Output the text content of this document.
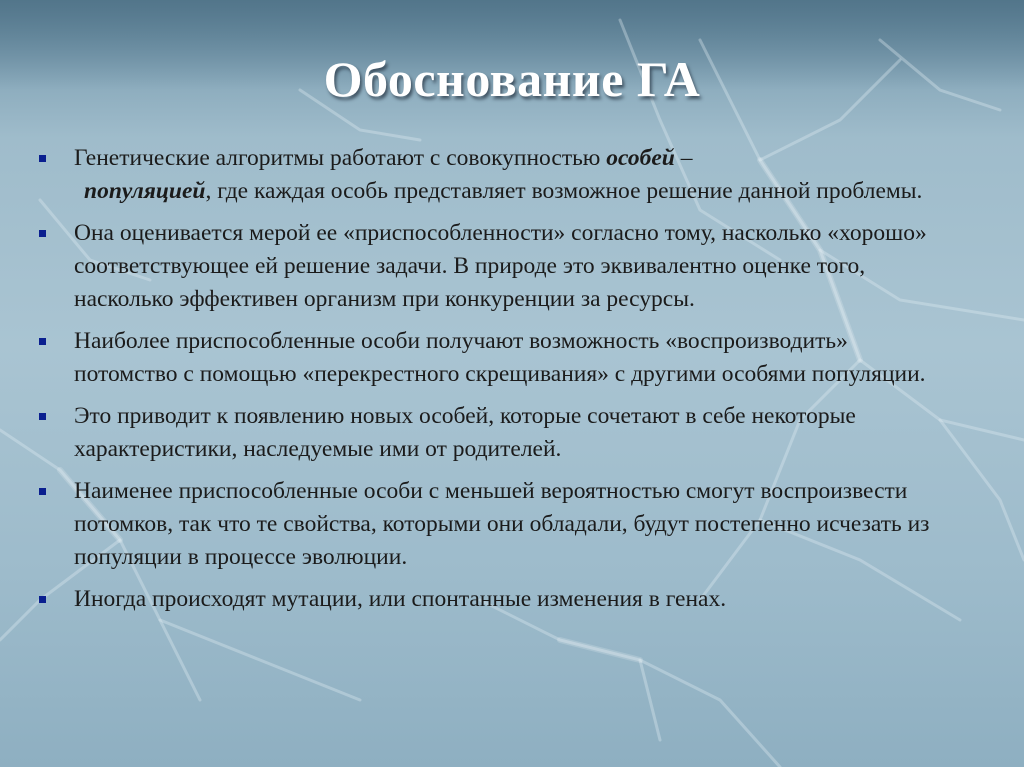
Обоснование ГА
Генетические алгоритмы работают с совокупностью особей –
популяцией, где каждая особь представляет возможное решение данной проблемы.
Она оценивается мерой ее «приспособленности» согласно тому, насколько «хорошо» соответствующее ей решение задачи. В природе это эквивалентно оценке того, насколько эффективен организм при конкуренции за ресурсы.
Наиболее приспособленные особи получают возможность «воспроизводить» потомство с помощью «перекрестного скрещивания» с другими особями популяции.
Это приводит к появлению новых особей, которые сочетают в себе некоторые характеристики, наследуемые ими от родителей.
Наименее приспособленные особи с меньшей вероятностью смогут воспроизвести потомков, так что те свойства, которыми они обладали, будут постепенно исчезать из популяции в процессе эволюции.
Иногда происходят мутации, или спонтанные изменения в генах.
